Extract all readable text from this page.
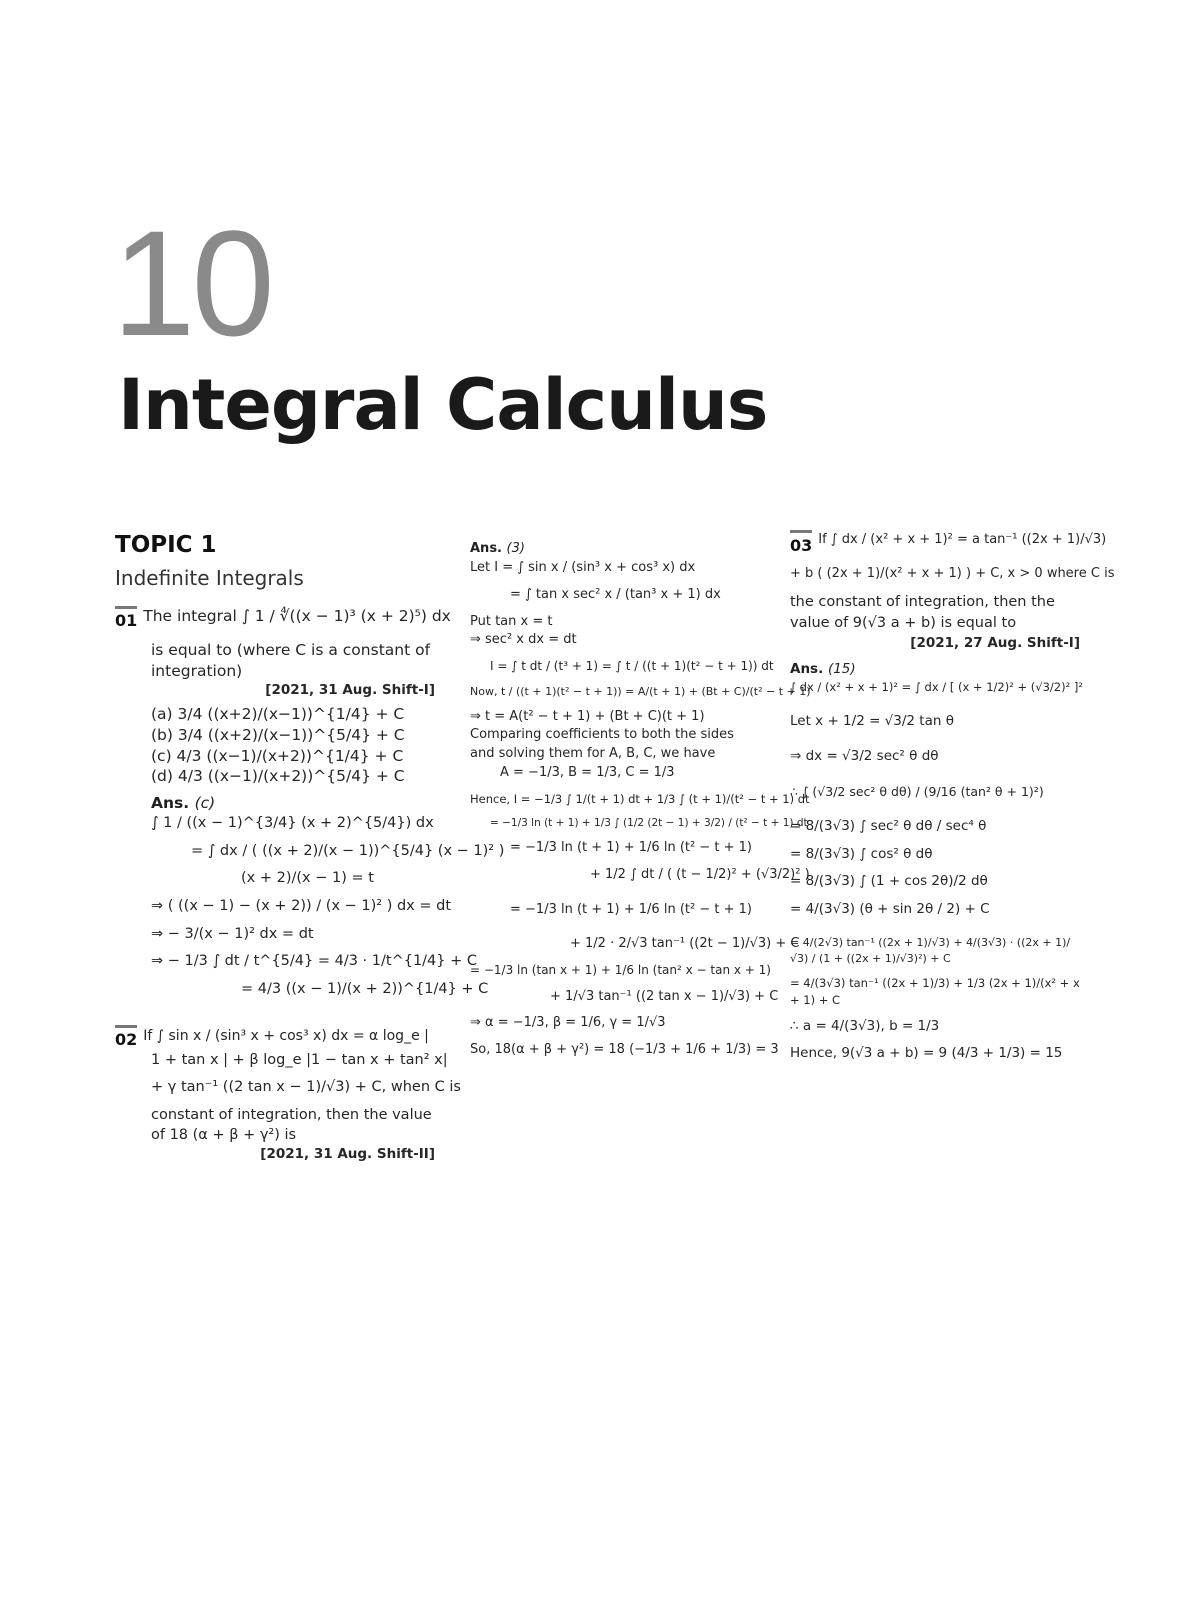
10
Integral Calculus
TOPIC 1
Indefinite Integrals
01 The integral ∫ 1 / ∜((x − 1)³ (x + 2)⁵) dx
is equal to (where C is a constant of integration)
[2021, 31 Aug. Shift-I]
(a) 3/4 ((x+2)/(x−1))^{1/4} + C
(b) 3/4 ((x+2)/(x−1))^{5/4} + C
(c) 4/3 ((x−1)/(x+2))^{1/4} + C
(d) 4/3 ((x−1)/(x+2))^{5/4} + C
Ans. (c)
∫ 1 / ((x − 1)^{3/4} (x + 2)^{5/4}) dx
= ∫ dx / ( ((x + 2)/(x − 1))^{5/4} (x − 1)² )
(x + 2)/(x − 1) = t
⇒ ( ((x − 1) − (x + 2)) / (x − 1)² ) dx = dt
⇒ − 3/(x − 1)² dx = dt
⇒ − 1/3 ∫ dt / t^{5/4} = 4/3 · 1/t^{1/4} + C
= 4/3 ((x − 1)/(x + 2))^{1/4} + C
02 If ∫ sin x / (sin³ x + cos³ x) dx = α log_e |
1 + tan x | + β log_e |1 − tan x + tan² x|
+ γ tan⁻¹ ((2 tan x − 1)/√3) + C, when C is
constant of integration, then the value of 18 (α + β + γ²) is
[2021, 31 Aug. Shift-II]
Ans. (3)
Let I = ∫ sin x / (sin³ x + cos³ x) dx
= ∫ tan x sec² x / (tan³ x + 1) dx
Put tan x = t
⇒ sec² x dx = dt
I = ∫ t dt / (t³ + 1) = ∫ t / ((t + 1)(t² − t + 1)) dt
Now, t / ((t + 1)(t² − t + 1)) = A/(t + 1) + (Bt + C)/(t² − t + 1)
⇒ t = A(t² − t + 1) + (Bt + C)(t + 1)
Comparing coefficients to both the sides and solving them for A, B, C, we have
A = −1/3, B = 1/3, C = 1/3
Hence, I = −1/3 ∫ 1/(t + 1) dt + 1/3 ∫ (t + 1)/(t² − t + 1) dt
= −1/3 ln (t + 1) + 1/3 ∫ (1/2 (2t − 1) + 3/2) / (t² − t + 1) dt
= −1/3 ln (t + 1) + 1/6 ln (t² − t + 1)
+ 1/2 ∫ dt / ( (t − 1/2)² + (√3/2)² )
= −1/3 ln (t + 1) + 1/6 ln (t² − t + 1)
+ 1/2 · 2/√3 tan⁻¹ ((2t − 1)/√3) + C
= −1/3 ln (tan x + 1) + 1/6 ln (tan² x − tan x + 1)
+ 1/√3 tan⁻¹ ((2 tan x − 1)/√3) + C
⇒ α = −1/3, β = 1/6, γ = 1/√3
So, 18(α + β + γ²) = 18 (−1/3 + 1/6 + 1/3) = 3
03 If ∫ dx / (x² + x + 1)² = a tan⁻¹ ((2x + 1)/√3)
+ b ( (2x + 1)/(x² + x + 1) ) + C, x > 0 where C is
the constant of integration, then the value of 9(√3 a + b) is equal to
[2021, 27 Aug. Shift-I]
Ans. (15)
∫ dx / (x² + x + 1)² = ∫ dx / [ (x + 1/2)² + (√3/2)² ]²
Let x + 1/2 = √3/2 tan θ
⇒ dx = √3/2 sec² θ dθ
∴ ∫ (√3/2 sec² θ dθ) / (9/16 (tan² θ + 1)²)
= 8/(3√3) ∫ sec² θ dθ / sec⁴ θ
= 8/(3√3) ∫ cos² θ dθ
= 8/(3√3) ∫ (1 + cos 2θ)/2 dθ
= 4/(3√3) (θ + sin 2θ / 2) + C
= 4/(2√3) tan⁻¹ ((2x + 1)/√3) + 4/(3√3) · ((2x + 1)/√3) / (1 + ((2x + 1)/√3)²) + C
= 4/(3√3) tan⁻¹ ((2x + 1)/3) + 1/3 (2x + 1)/(x² + x + 1) + C
∴ a = 4/(3√3), b = 1/3
Hence, 9(√3 a + b) = 9 (4/3 + 1/3) = 15
